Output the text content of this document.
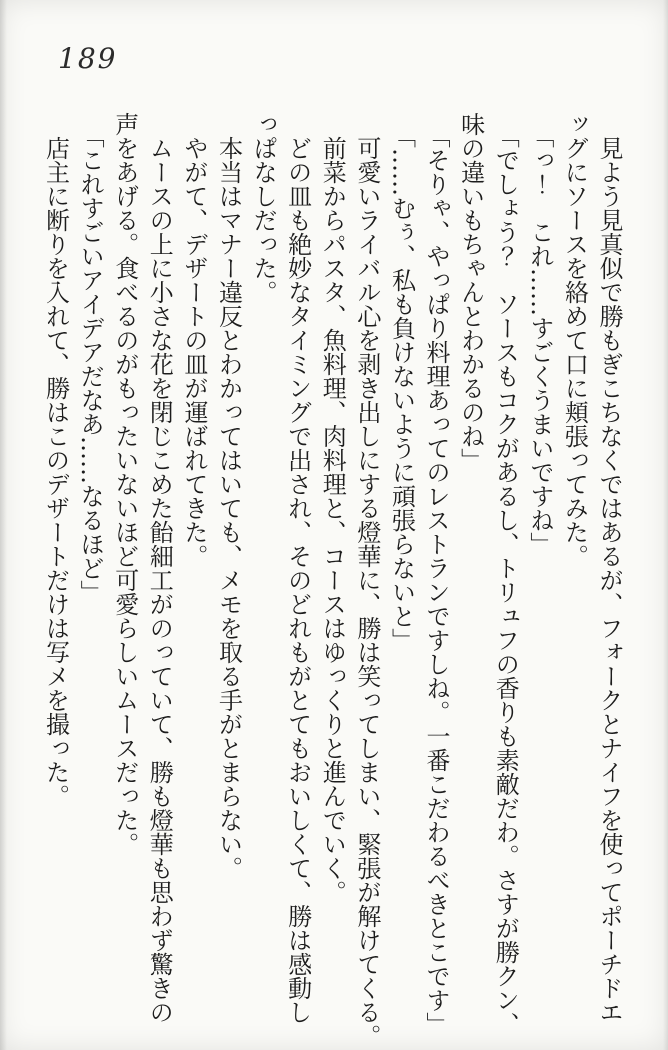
189
見よう見真似で勝もぎこちなくではあるが、フォークとナイフを使ってポーチドエ
ッグにソースを絡めて口に頬張ってみた。
「っ！　これ……すごくうまいですね」
「でしょう？　ソースもコクがあるし、トリュフの香りも素敵だわ。さすが勝クン、
味の違いもちゃんとわかるのね」
「そりゃ、やっぱり料理あってのレストランですしね。一番こだわるべきとこです」
「……むぅ、私も負けないように頑張らないと」
可愛いライバル心を剥き出しにする燈華に、勝は笑ってしまい、緊張が解けてくる。
前菜からパスタ、魚料理、肉料理と、コースはゆっくりと進んでいく。
どの皿も絶妙なタイミングで出され、そのどれもがとてもおいしくて、勝は感動し
っぱなしだった。
本当はマナー違反とわかってはいても、メモを取る手がとまらない。
やがて、デザートの皿が運ばれてきた。
ムースの上に小さな花を閉じこめた飴細工がのっていて、勝も燈華も思わず驚きの
声をあげる。食べるのがもったいないほど可愛らしいムースだった。
「これすごいアイデアだなあ……なるほど」
店主に断りを入れて、勝はこのデザートだけは写メを撮った。
